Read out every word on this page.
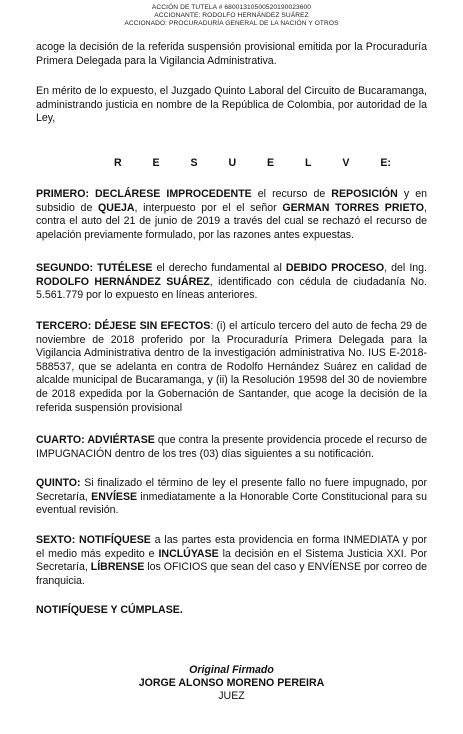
ACCIÓN DE TUTELA # 68001310500520190023600
ACCIONANTE: RODOLFO HERNÁNDEZ SUÁREZ
ACCIONADO: PROCURADURÍA GENERAL DE LA NACIÓN Y OTROS

acoge la decisión de la referida suspensión provisional emitida por la Procuraduría Primera Delegada para la Vigilancia Administrativa.

En mérito de lo expuesto, el Juzgado Quinto Laboral del Circuito de Bucaramanga, administrando justicia en nombre de la República de Colombia, por autoridad de la Ley,

R	E	S	U	E	L	V	E:

PRIMERO: DECLÁRESE IMPROCEDENTE el recurso de REPOSICIÓN y en subsidio de QUEJA, interpuesto por el el señor GERMAN TORRES PRIETO, contra el auto del 21 de junio de 2019 a través del cual se rechazó el recurso de apelación previamente formulado, por las razones antes expuestas.

SEGUNDO: TUTÉLESE el derecho fundamental al DEBIDO PROCESO, del Ing. RODOLFO HERNÁNDEZ SUÁREZ, identificado con cédula de ciudadanía No. 5.561.779 por lo expuesto en líneas anteriores.

TERCERO: DÉJESE SIN EFECTOS: (i) el artículo tercero del auto de fecha 29 de noviembre de 2018 proferido por la Procuraduría Primera Delegada para la Vigilancia Administrativa dentro de la investigación administrativa No. IUS E-2018-588537, que se adelanta en contra de Rodolfo Hernández Suárez en calidad de alcalde municipal de Bucaramanga, y (ii) la Resolución 19598 del 30 de noviembre de 2018 expedida por la Gobernación de Santander, que acoge la decisión de la referida suspensión provisional

CUARTO: ADVIÉRTASE que contra la presente providencia procede el recurso de IMPUGNACIÓN dentro de los tres (03) días siguientes a su notificación.

QUINTO: Si finalizado el término de ley el presente fallo no fuere impugnado, por Secretaría, ENVÍESE inmediatamente a la Honorable Corte Constitucional para su eventual revisión.

SEXTO: NOTIFÍQUESE a las partes esta providencia en forma INMEDIATA y por el medio más expedito e INCLÚYASE la decisión en el Sistema Justicia XXI. Por Secretaría, LÍBRENSE los OFICIOS que sean del caso y ENVÍENSE por correo de franquicia.

NOTIFÍQUESE Y CÚMPLASE.

Original Firmado
JORGE ALONSO MORENO PEREIRA
JUEZ
